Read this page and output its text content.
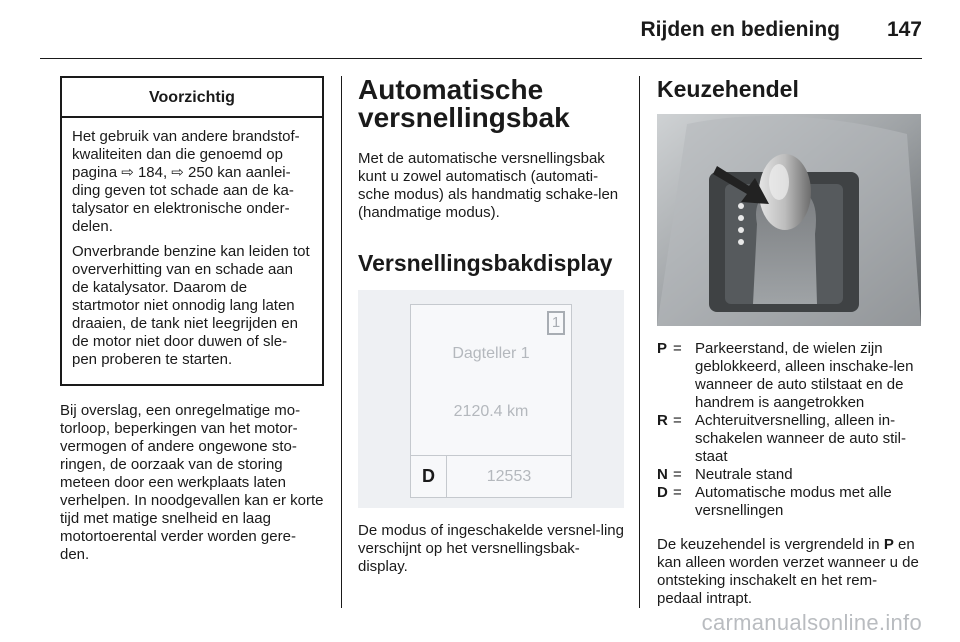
Rijden en bediening 147
Voorzichtig

Het gebruik van andere brandstof-kwaliteiten dan die genoemd op pagina ⇨ 184, ⇨ 250 kan aanlei-ding geven tot schade aan de ka-talysator en elektronische onder-delen.

Onverbrande benzine kan leiden tot oververhitting van en schade aan de katalysator. Daarom de startmotor niet onnodig lang laten draaien, de tank niet leegrijden en de motor niet door duwen of sle-pen proberen te starten.

Bij overslag, een onregelmatige mo-torloop, beperkingen van het motor-vermogen of andere ongewone sto-ringen, de oorzaak van de storing meteen door een werkplaats laten verhelpen. In noodgevallen kan er korte tijd met matige snelheid en laag motortoerental verder worden gere-den.

Automatische versnellingsbak

Met de automatische versnellingsbak kunt u zowel automatisch (automati-sche modus) als handmatig schake-len (handmatige modus).

Versnellingsbakdisplay
1
Dagteller 1
2120.4 km
D	12553

De modus of ingeschakelde versnel-ling verschijnt op het versnellingsbak-display.

Keuzehendel
P = Parkeerstand, de wielen zijn geblokkeerd, alleen inschake-len wanneer de auto stilstaat en de handrem is aangetrokken
R = Achteruitversnelling, alleen in-schakelen wanneer de auto stil-staat
N = Neutrale stand
D = Automatische modus met alle versnellingen

De keuzehendel is vergrendeld in P en kan alleen worden verzet wanneer u de ontsteking inschakelt en het rem-pedaal intrapt.

carmanualsonline.info
